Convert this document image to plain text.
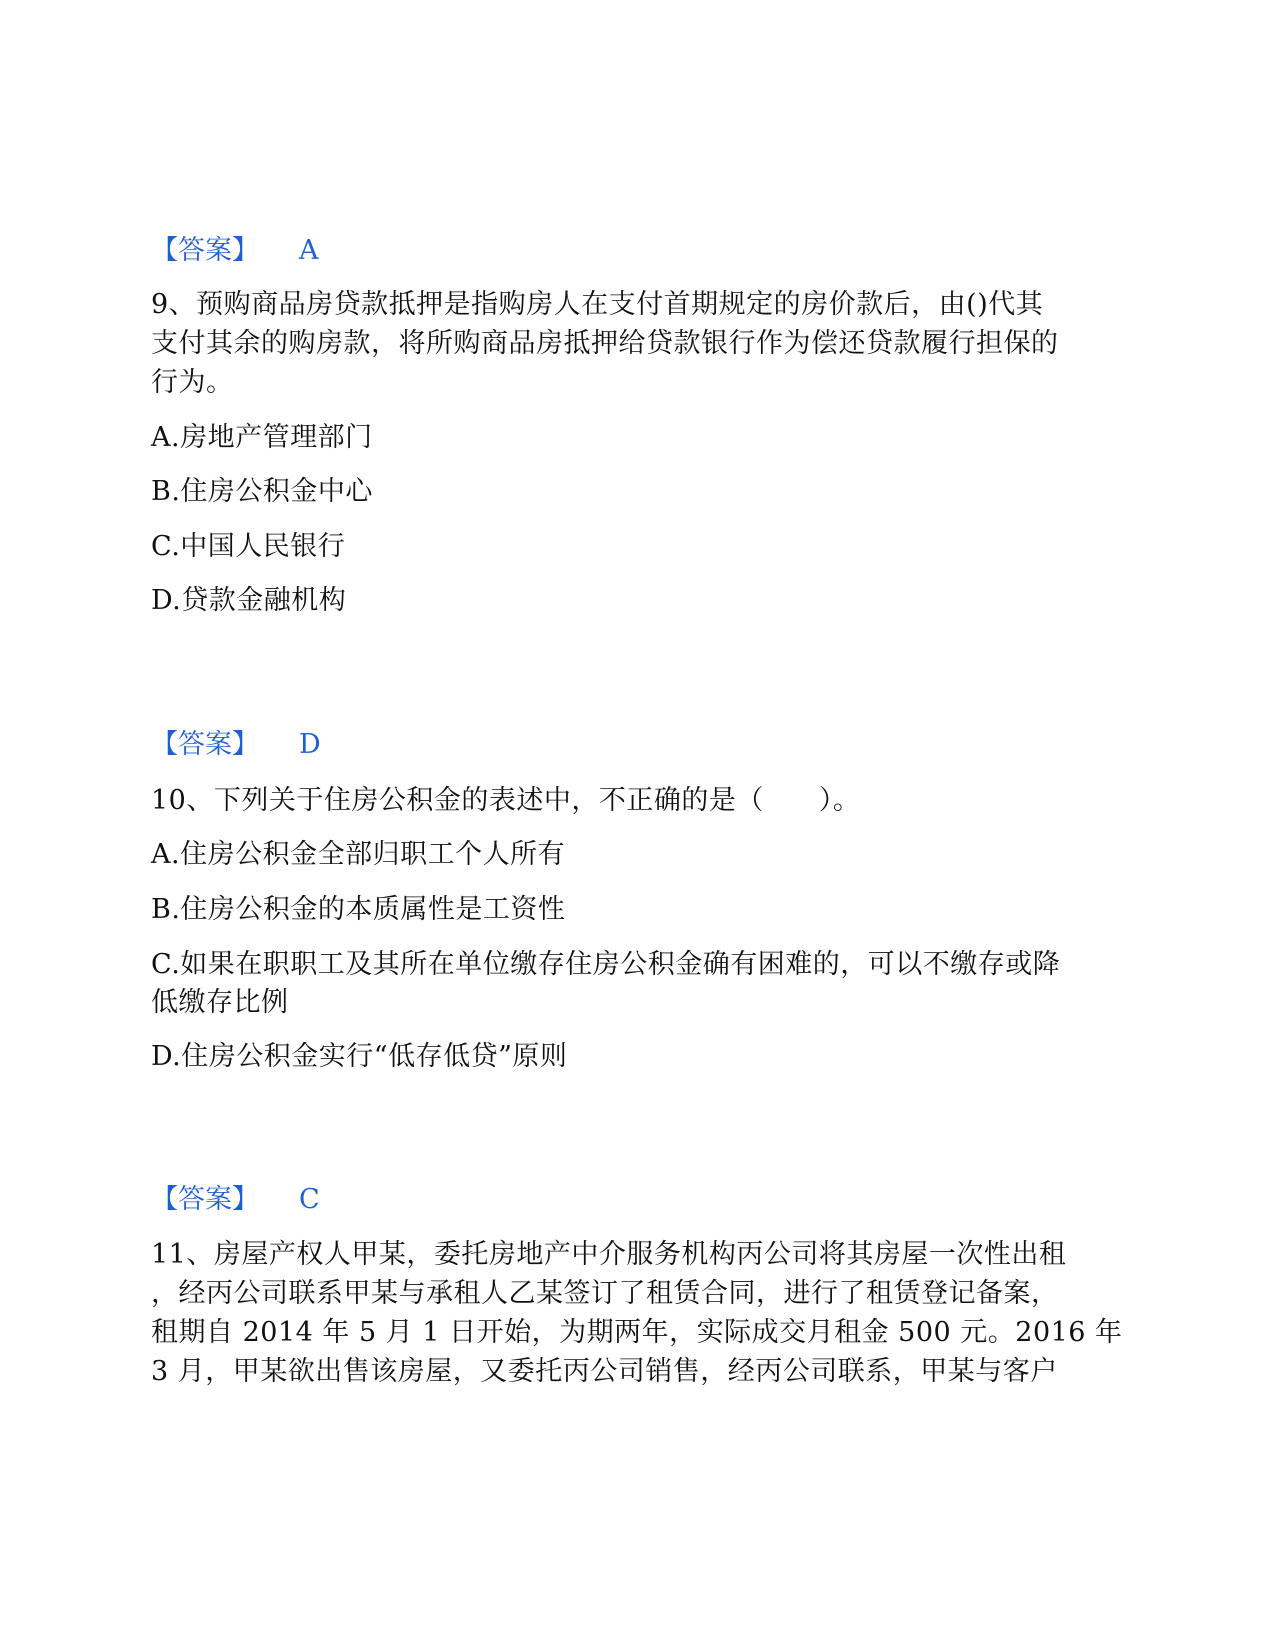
【答案】 A
9、预购商品房贷款抵押是指购房人在支付首期规定的房价款后，由()代其
支付其余的购房款，将所购商品房抵押给贷款银行作为偿还贷款履行担保的
行为。
A.房地产管理部门
B.住房公积金中心
C.中国人民银行
D.贷款金融机构
【答案】 D
10、下列关于住房公积金的表述中，不正确的是（　　）。
A.住房公积金全部归职工个人所有
B.住房公积金的本质属性是工资性
C.如果在职职工及其所在单位缴存住房公积金确有困难的，可以不缴存或降
低缴存比例
D.住房公积金实行“低存低贷”原则
【答案】 C
11、房屋产权人甲某，委托房地产中介服务机构丙公司将其房屋一次性出租
，经丙公司联系甲某与承租人乙某签订了租赁合同，进行了租赁登记备案，
租期自 2014 年 5 月 1 日开始，为期两年，实际成交月租金 500 元。2016 年
3 月，甲某欲出售该房屋，又委托丙公司销售，经丙公司联系，甲某与客户
